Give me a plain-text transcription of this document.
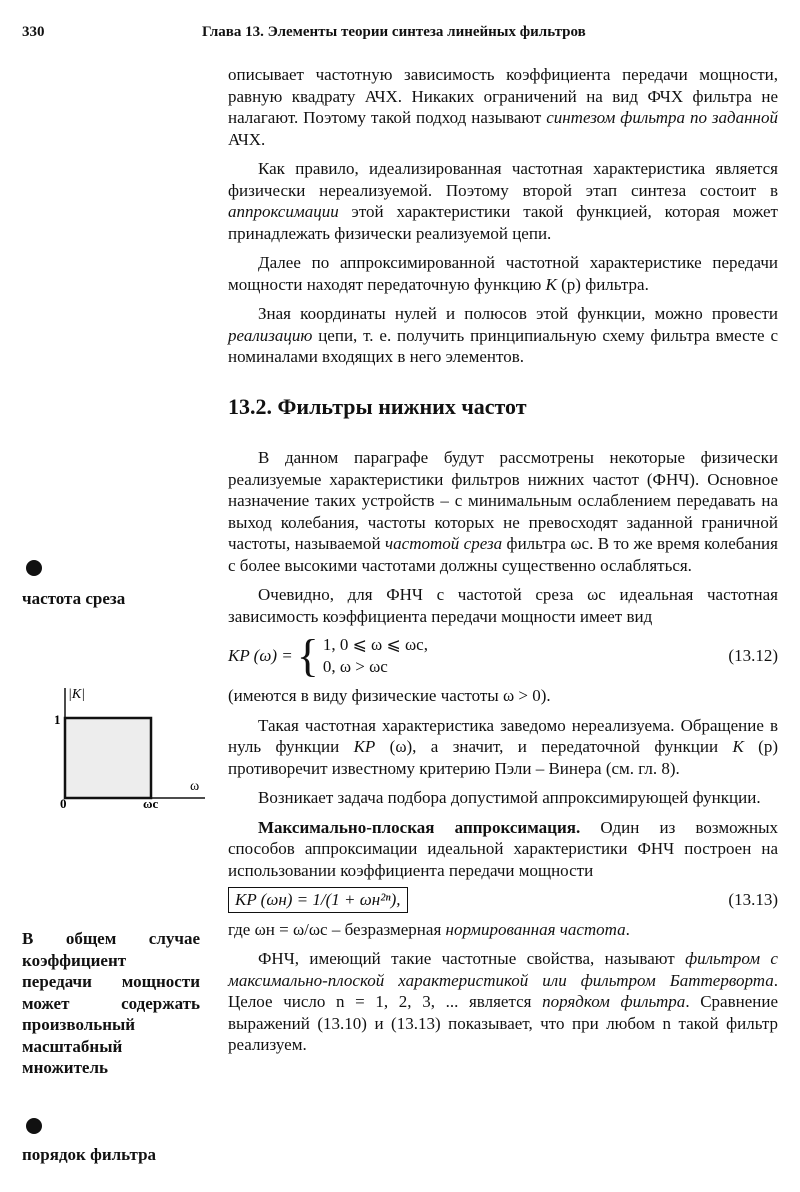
330	Глава 13. Элементы теории синтеза линейных фильтров

описывает частотную зависимость коэффициента передачи мощности, равную квадрату АЧХ. Никаких ограничений на вид ФЧХ фильтра не налагают. Поэтому такой подход называют синтезом фильтра по заданной АЧХ.

Как правило, идеализированная частотная характеристика является физически нереализуемой. Поэтому второй этап синтеза состоит в аппроксимации этой характеристики такой функцией, которая может принадлежать физически реализуемой цепи.

Далее по аппроксимированной частотной характеристике передачи мощности находят передаточную функцию K (p) фильтра.

Зная координаты нулей и полюсов этой функции, можно провести реализацию цепи, т. е. получить принципиальную схему фильтра вместе с номиналами входящих в него элементов.

13.2. Фильтры нижних частот

В данном параграфе будут рассмотрены некоторые физически реализуемые характеристики фильтров нижних частот (ФНЧ). Основное назначение таких устройств – с минимальным ослаблением передавать на выход колебания, частоты которых не превосходят заданной граничной частоты, называемой частотой среза фильтра ωс. В то же время колебания с более высокими частотами должны существенно ослабляться.

Очевидно, для ФНЧ с частотой среза ωс идеальная частотная зависимость коэффициента передачи мощности имеет вид

KP (ω) = { 1, 0 ⩽ ω ⩽ ωс,
0, ω > ωс
(13.12)

(имеются в виду физические частоты ω > 0).

Такая частотная характеристика заведомо нереализуема. Обращение в нуль функции KP (ω), а значит, и передаточной функции K (p) противоречит известному критерию Пэли – Винера (см. гл. 8).

Возникает задача подбора допустимой аппроксимирующей функции.

Максимально-плоская аппроксимация. Один из возможных способов аппроксимации идеальной характеристики ФНЧ построен на использовании коэффициента передачи мощности

KP (ωн) = 1/(1 + ωн²ⁿ),	(13.13)

где ωн = ω/ωс – безразмерная нормированная частота.

ФНЧ, имеющий такие частотные свойства, называют фильтром с максимально-плоской характеристикой или фильтром Баттерворта. Целое число n = 1, 2, 3, ... является порядком фильтра. Сравнение выражений (13.10) и (13.13) показывает, что при любом n такой фильтр реализуем.

частота среза
|K|
1
ω
0	ωс
В общем случае коэффициент передачи мощности может содержать произвольный масштабный множитель
порядок фильтра
